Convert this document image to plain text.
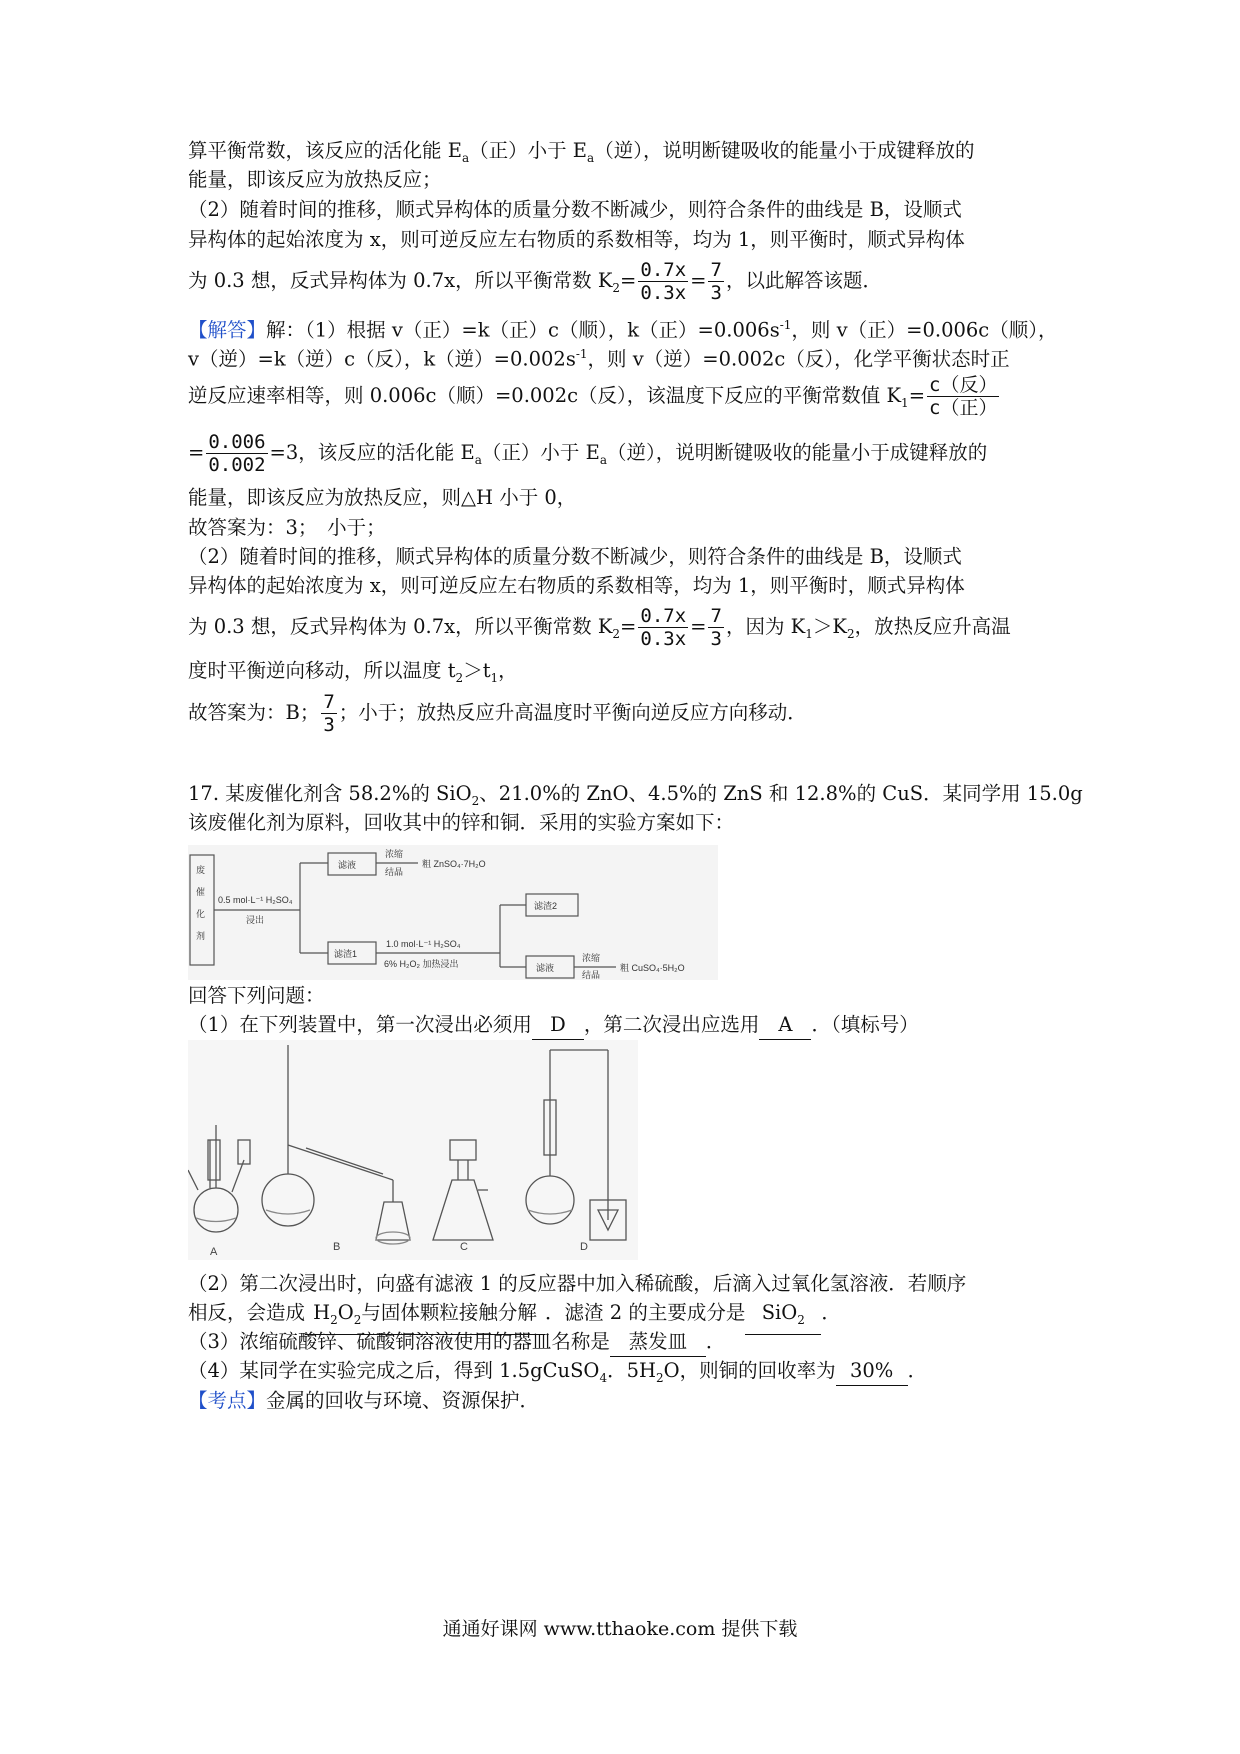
算平衡常数，该反应的活化能 $E_a$（正）小于 $E_a$（逆），说明断键吸收的能量小于成键释放的
能量，即该反应为放热反应；
（2）随着时间的推移，顺式异构体的质量分数不断减少，则符合条件的曲线是 B，设顺式
异构体的起始浓度为 x，则可逆反应左右物质的系数相等，均为 1，则平衡时，顺式异构体
为 0.3 想，反式异构体为 0.7x，所以平衡常数 $K_2= \frac{0.7x}{0.3x} = \frac{7}{3}$ ，以此解答该题．
【解答】解：（1）根据 v（正）=k（正）c（顺），k（正）$=0.006s^{-1}$，则 v（正）=0.006c（顺），
v（逆）=k（逆）c（反），k（逆）$=0.002s^{-1}$，则 v（逆）=0.002c（反），化学平衡状态时正
逆反应速率相等，则 0.006c（顺）=0.002c（反），该温度下反应的平衡常数值 $K_1= \frac{\text{c（反）}}{\text{c（正）}}$
= $\frac{0.006}{0.002} =3$，该反应的活化能 $E_a$（正）小于 $E_a$（逆），说明断键吸收的能量小于成键释放的
能量，即该反应为放热反应，则△H 小于 0，
故答案为：3；　小于；
（2）随着时间的推移，顺式异构体的质量分数不断减少，则符合条件的曲线是 B，设顺式
异构体的起始浓度为 x，则可逆反应左右物质的系数相等，均为 1，则平衡时，顺式异构体
为 0.3 想，反式异构体为 0.7x，所以平衡常数 $K_2= \frac{0.7x}{0.3x} = \frac{7}{3}$ ，因为 $K_1>K_2$，放热反应升高温
度时平衡逆向移动，所以温度 $t_2>t_1$，
故答案为：B； $\frac{7}{3}$ ；小于；放热反应升高温度时平衡向逆反应方向移动．
17. 某废催化剂含 58.2%的 SiO$_2$、21.0%的 ZnO、4.5%的 ZnS 和 12.8%的 CuS．某同学用 15.0g
该废催化剂为原料，回收其中的锌和铜．采用的实验方案如下：
废
催
化
剂
0.5 mol·L⁻¹ H₂SO₄
浸出
滤液
浓缩
结晶
粗 ZnSO₄·7H₂O
滤渣1
1.0 mol·L⁻¹ H₂SO₄
6% H₂O₂ 加热浸出
滤渣2
滤液
浓缩
结晶
粗 CuSO₄·5H₂O
回答下列问题：
（1）在下列装置中，第一次浸出必须用 D ，第二次浸出应选用 A ．（填标号）
A	B	C	D
（2）第二次浸出时，向盛有滤液 1 的反应器中加入稀硫酸，后滴入过氧化氢溶液．若顺序
相反，会造成 $H_2O_2$与固体颗粒接触分解 ．滤渣 2 的主要成分是 SiO$_2$ ．
（3）浓缩硫酸锌、硫酸铜溶液使用的器皿名称是 蒸发皿 ．
（4）某同学在实验完成之后，得到 1.5gCuSO$_4$．$5H_2O$，则铜的回收率为 30% ．
【考点】金属的回收与环境、资源保护．
通通好课网 www.tthaoke.com 提供下载
